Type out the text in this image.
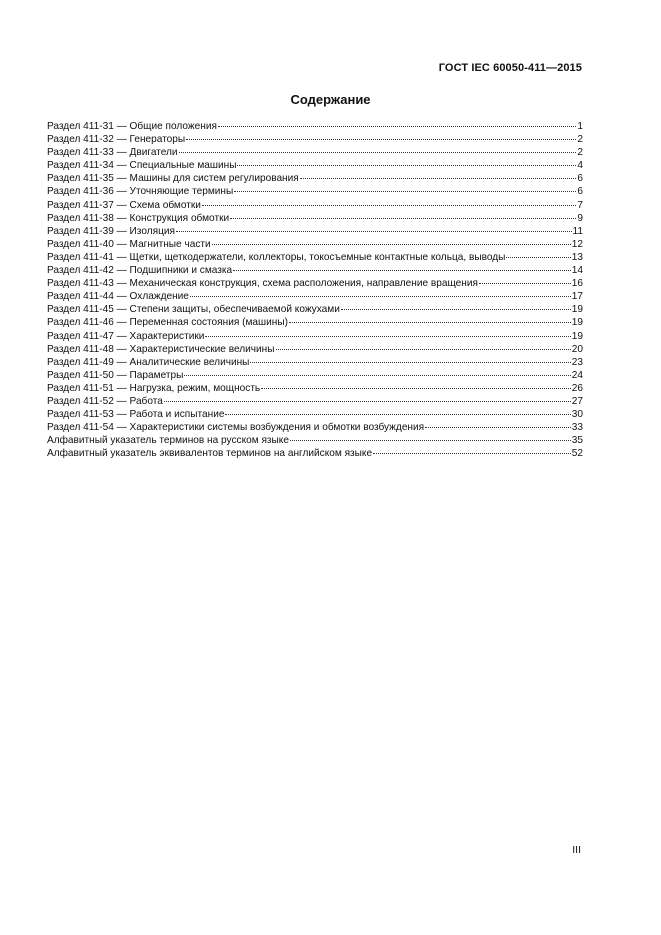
ГОСТ IEC 60050-411—2015
Содержание
Раздел 411-31 — Общие положения	1
Раздел 411-32 — Генераторы	2
Раздел 411-33 — Двигатели	2
Раздел 411-34 — Специальные машины	4
Раздел 411-35 — Машины для систем регулирования	6
Раздел 411-36 — Уточняющие термины	6
Раздел 411-37 — Схема обмотки	7
Раздел 411-38 — Конструкция обмотки	9
Раздел 411-39 — Изоляция	11
Раздел 411-40 — Магнитные части	12
Раздел 411-41 — Щетки, щеткодержатели, коллекторы, токосъемные контактные кольца, выводы	13
Раздел 411-42 — Подшипники и смазка	14
Раздел 411-43 — Механическая конструкция, схема расположения, направление вращения	16
Раздел 411-44 — Охлаждение	17
Раздел 411-45 — Степени защиты, обеспечиваемой кожухами	19
Раздел 411-46 — Переменная состояния (машины)	19
Раздел 411-47 — Характеристики	19
Раздел 411-48 — Характеристические величины	20
Раздел 411-49 — Аналитические величины	23
Раздел 411-50 — Параметры	24
Раздел 411-51 — Нагрузка, режим, мощность	26
Раздел 411-52 — Работа	27
Раздел 411-53 — Работа и испытание	30
Раздел 411-54 — Характеристики системы возбуждения и обмотки возбуждения	33
Алфавитный указатель терминов на русском языке	35
Алфавитный указатель эквивалентов терминов на английском языке	52
III
